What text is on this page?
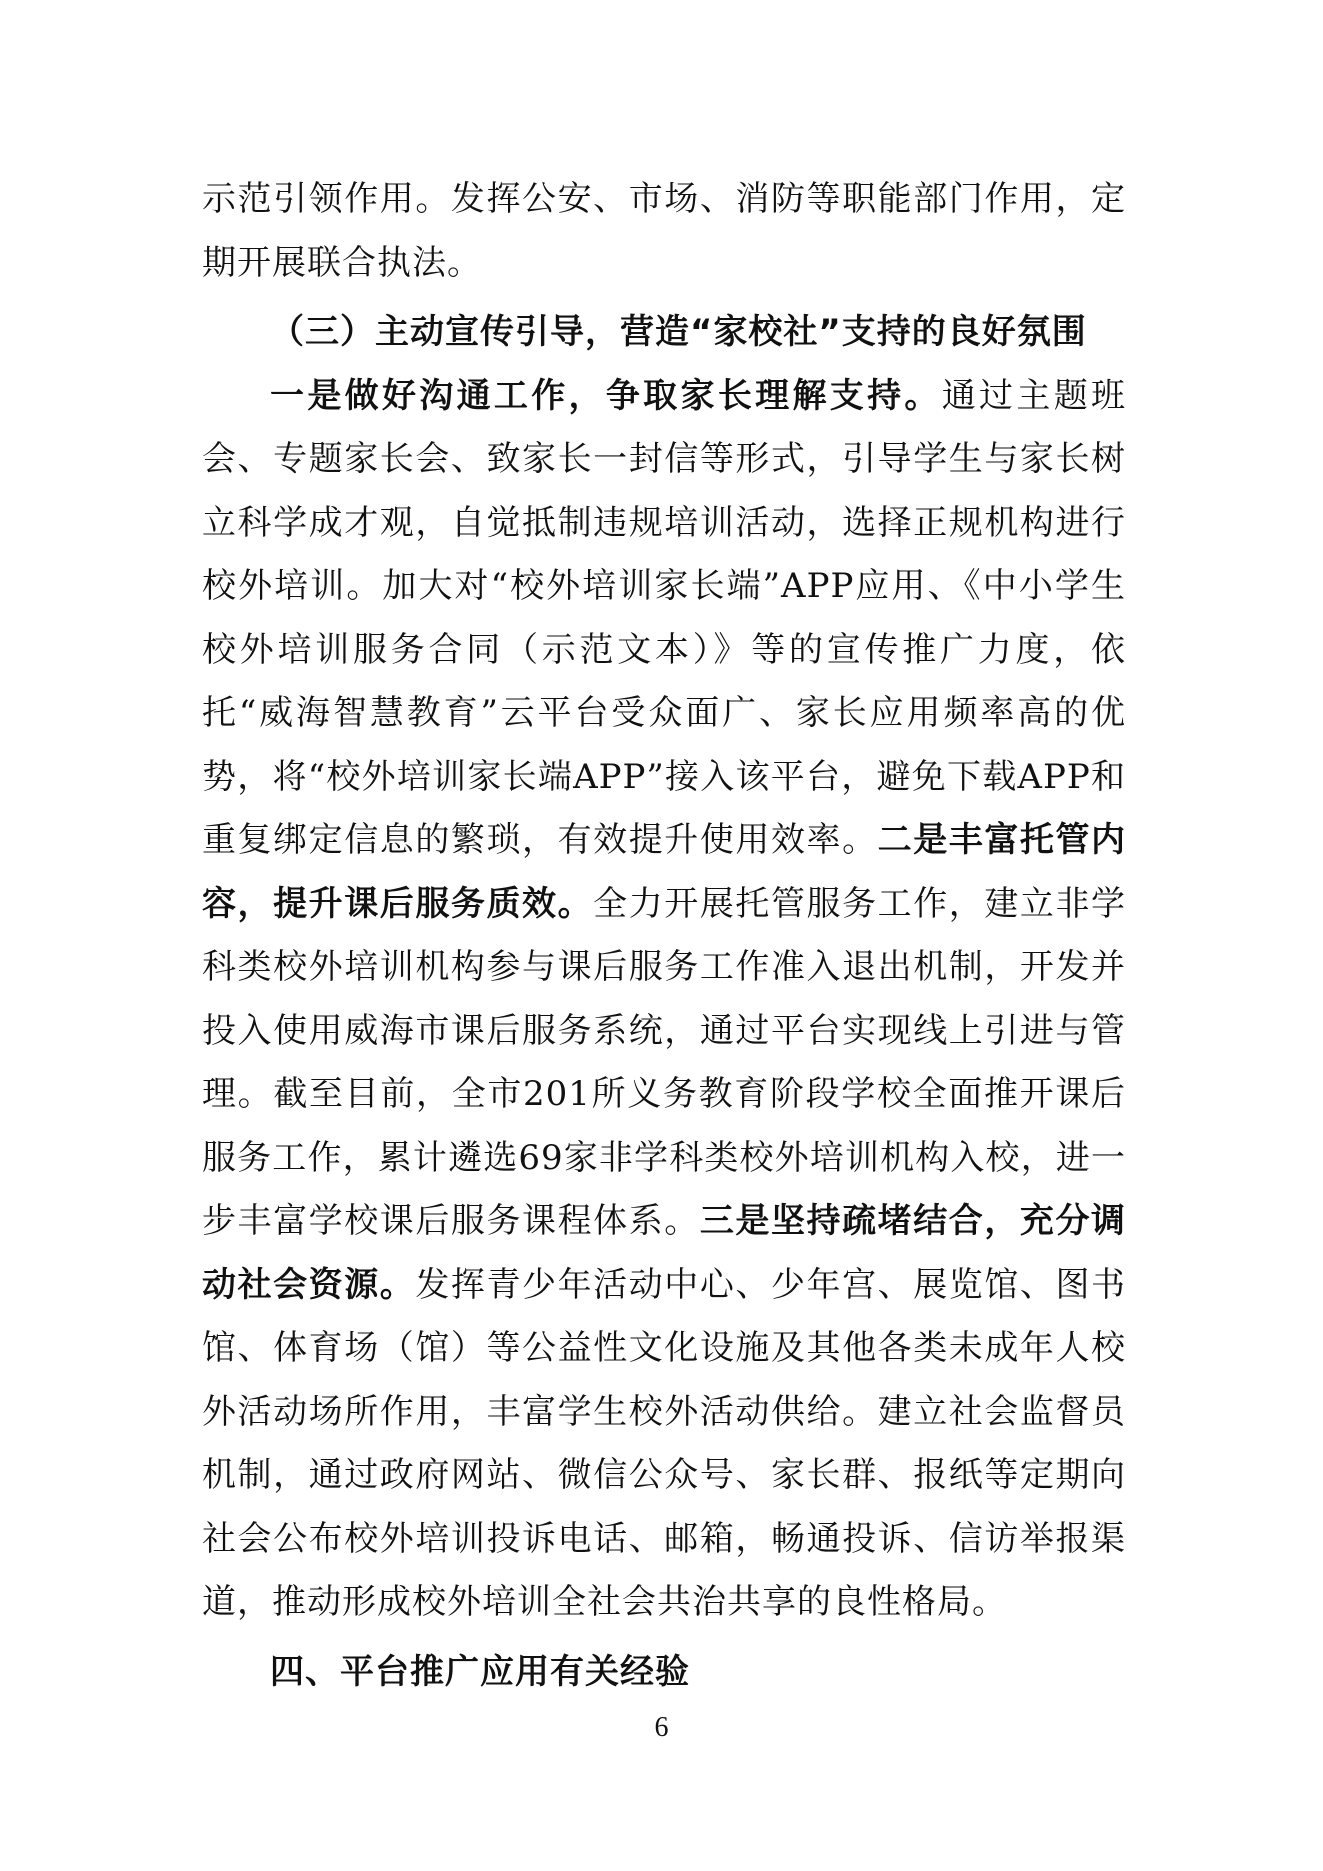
示范引领作用。发挥公安、市场、消防等职能部门作用，定期开展联合执法。

（三）主动宣传引导，营造“家校社”支持的良好氛围

一是做好沟通工作，争取家长理解支持。通过主题班会、专题家长会、致家长一封信等形式，引导学生与家长树立科学成才观，自觉抵制违规培训活动，选择正规机构进行校外培训。加大对“校外培训家长端”APP应用、《中小学生校外培训服务合同（示范文本）》等的宣传推广力度，依托“威海智慧教育”云平台受众面广、家长应用频率高的优势，将“校外培训家长端APP”接入该平台，避免下载APP和重复绑定信息的繁琐，有效提升使用效率。二是丰富托管内容，提升课后服务质效。全力开展托管服务工作，建立非学科类校外培训机构参与课后服务工作准入退出机制，开发并投入使用威海市课后服务系统，通过平台实现线上引进与管理。截至目前，全市201所义务教育阶段学校全面推开课后服务工作，累计遴选69家非学科类校外培训机构入校，进一步丰富学校课后服务课程体系。三是坚持疏堵结合，充分调动社会资源。发挥青少年活动中心、少年宫、展览馆、图书馆、体育场（馆）等公益性文化设施及其他各类未成年人校外活动场所作用，丰富学生校外活动供给。建立社会监督员机制，通过政府网站、微信公众号、家长群、报纸等定期向社会公布校外培训投诉电话、邮箱，畅通投诉、信访举报渠道，推动形成校外培训全社会共治共享的良性格局。

四、平台推广应用有关经验

6
